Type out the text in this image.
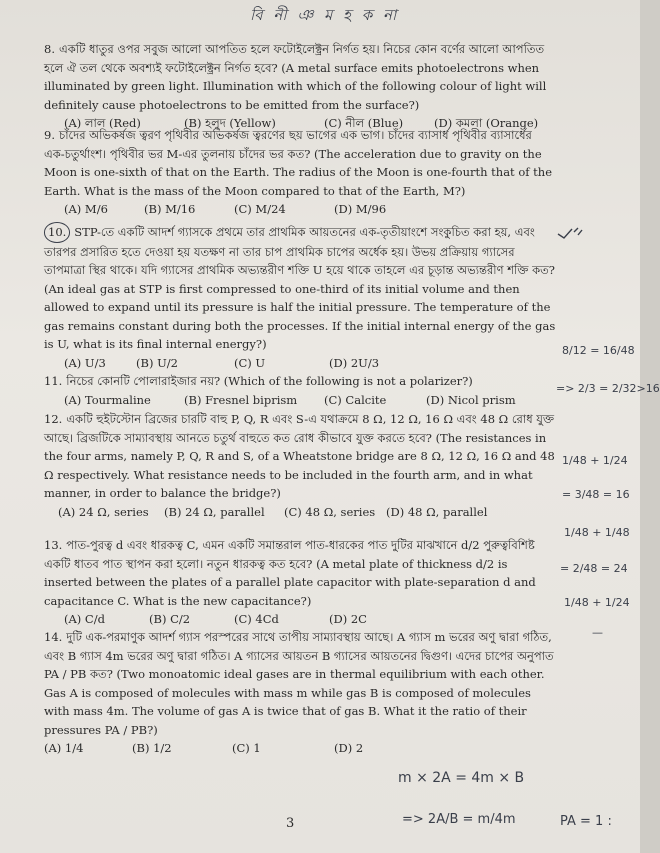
বি নী ঞ ম হ ক না

8. একটি ধাতুর ওপর সবুজ আলো আপতিত হলে ফটোইলেক্ট্রন নির্গত হয়। নিচের কোন বর্ণের আলো আপতিত হলে ঐ তল থেকে অবশ্যই ফটোইলেক্ট্রন নির্গত হবে? (A metal surface emits photoelectrons when illuminated by green light. Illumination with which of the following colour of light will definitely cause photoelectrons to be emitted from the surface?)

(A) লাল (Red)	(B) হলুদ (Yellow)	(C) নীল (Blue)	(D) কমলা (Orange)

9. চাঁদের অভিকর্ষজ ত্বরণ পৃথিবীর অভিকর্ষজ ত্বরণের ছয় ভাগের এক ভাগ। চাঁদের ব্যাসার্ধ পৃথিবীর ব্যাসার্ধের এক-চতুর্থাংশ। পৃথিবীর ভর M-এর তুলনায় চাঁদের ভর কত? (The acceleration due to gravity on the Moon is one-sixth of that on the Earth. The radius of the Moon is one-fourth that of the Earth. What is the mass of the Moon compared to that of the Earth, M?)

(A) M/6	(B) M/16	(C) M/24	(D) M/96

10. STP-তে একটি আদর্শ গ্যাসকে প্রথমে তার প্রাথমিক আয়তনের এক-তৃতীয়াংশে সংকুচিত করা হয়, এবং তারপর প্রসারিত হতে দেওয়া হয় যতক্ষণ না তার চাপ প্রাথমিক চাপের অর্ধেক হয়। উভয় প্রক্রিয়ায় গ্যাসের তাপমাত্রা স্থির থাকে। যদি গ্যাসের প্রাথমিক অভ্যন্তরীণ শক্তি U হয়ে থাকে তাহলে এর চূড়ান্ত অভ্যন্তরীণ শক্তি কত? (An ideal gas at STP is first compressed to one-third of its initial volume and then allowed to expand until its pressure is half the initial pressure. The temperature of the gas remains constant during both the processes. If the initial internal energy of the gas is U, what is its final internal energy?)

(A) U/3	(B) U/2	(C) U	(D) 2U/3

11. নিচের কোনটি পোলারাইজার নয়? (Which of the following is not a polarizer?)

(A) Tourmaline	(B) Fresnel biprism (C) Calcite	(D) Nicol prism

12. একটি হুইটস্টোন ব্রিজের চারটি বাহু P, Q, R এবং S-এ যথাক্রমে 8 Ω, 12 Ω, 16 Ω এবং 48 Ω রোধ যুক্ত আছে। ব্রিজটিকে সাম্যাবস্থায় আনতে চতুর্থ বাহুতে কত রোধ কীভাবে যুক্ত করতে হবে? (The resistances in the four arms, namely P, Q, R and S, of a Wheatstone bridge are 8 Ω, 12 Ω, 16 Ω and 48 Ω respectively. What resistance needs to be included in the fourth arm, and in what manner, in order to balance the bridge?)

(A) 24 Ω, series (B) 24 Ω, parallel (C) 48 Ω, series (D) 48 Ω, parallel

13. পাত-পুরত্ব d এবং ধারকত্ব C, এমন একটি সমান্তরাল পাত-ধারকের পাত দুটির মাঝখানে d/2 পুরুত্ববিশিষ্ট একটি ধাতব পাত স্থাপন করা হলো। নতুন ধারকত্ব কত হবে? (A metal plate of thickness d/2 is inserted between the plates of a parallel plate capacitor with plate-separation d and capacitance C. What is the new capacitance?)

(A) C/d	(B) C/2	(C) 4Cd	(D) 2C

14. দুটি এক-পরমাণুক আদর্শ গ্যাস পরস্পরের সাথে তাপীয় সাম্যাবস্থায় আছে। A গ্যাস m ভরের অণু দ্বারা গঠিত, এবং B গ্যাস 4m ভরের অণু দ্বারা গঠিত। A গ্যাসের আয়তন B গ্যাসের আয়তনের দ্বিগুণ। এদের চাপের অনুপাত PA / PB কত? (Two monoatomic ideal gases are in thermal equilibrium with each other. Gas A is composed of molecules with mass m while gas B is composed of molecules with mass 4m. The volume of gas A is twice that of gas B. What it the ratio of their pressures PA / PB?)

(A) 1/4	(B) 1/2	(C) 1	(D) 2
8/12 = 16/48
=> 2/3 = 2/32>16
1/48 + 1/24
= 3/48 = 16
1/48 + 1/48
= 2/48 = 24
1/48 + 1/24
—
m × 2A = 4m × B
=> 2A/B = m/4m	PA = 1 :
3
